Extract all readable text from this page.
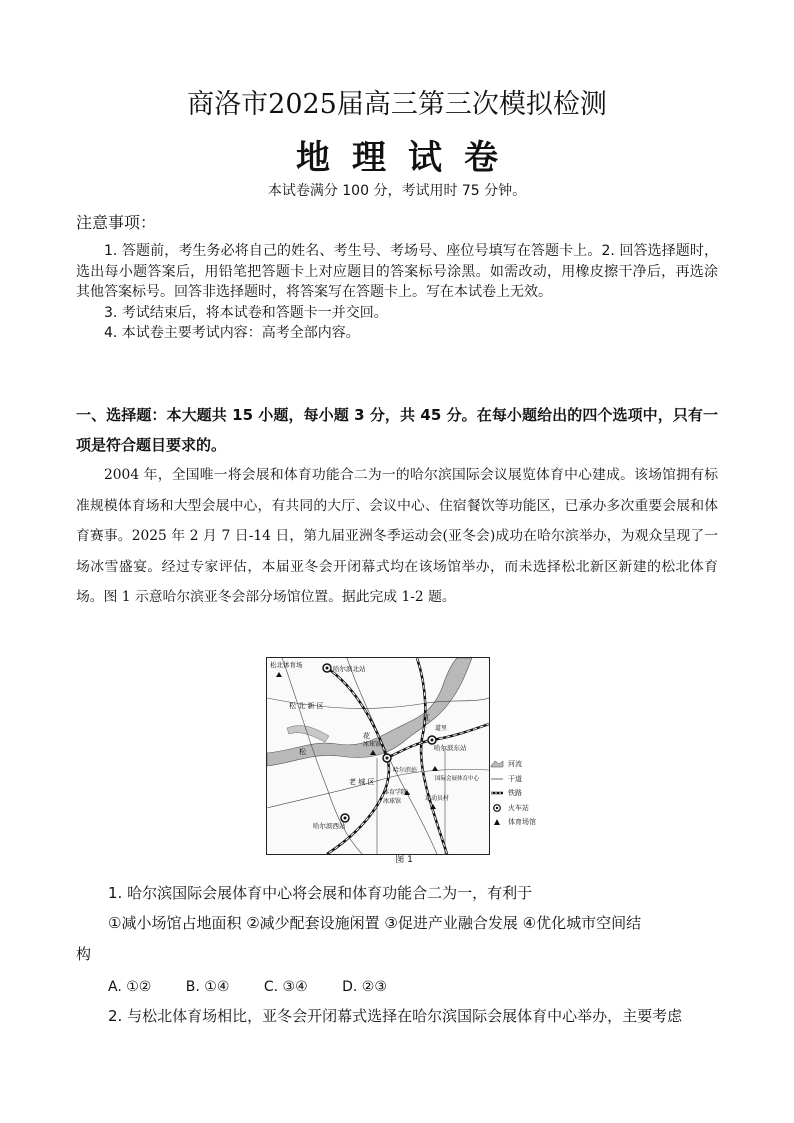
商洛市2025届高三第三次模拟检测
地理试卷
本试卷满分 100 分，考试用时 75 分钟。
注意事项：

1. 答题前，考生务必将自己的姓名、考生号、考场号、座位号填写在答题卡上。2. 回答选择题时，选出每小题答案后，用铅笔把答题卡上对应题目的答案标号涂黑。如需改动，用橡皮擦干净后，再选涂其他答案标号。回答非选择题时，将答案写在答题卡上。写在本试卷上无效。

3. 考试结束后，将本试卷和答题卡一并交回。

4. 本试卷主要考试内容：高考全部内容。

一、选择题：本大题共 15 小题，每小题 3 分，共 45 分。在每小题给出的四个选项中，只有一项是符合题目要求的。
2004 年，全国唯一将会展和体育功能合二为一的哈尔滨国际会议展览体育中心建成。该场馆拥有标准规模体育场和大型会展中心，有共同的大厅、会议中心、住宿餐饮等功能区，已承办多次重要会展和体育赛事。2025 年 2 月 7 日-14 日，第九届亚洲冬季运动会(亚冬会)成功在哈尔滨举办，为观众呈现了一场冰雪盛宴。经过专家评估，本届亚冬会开闭幕式均在该场馆举办，而未选择松北新区新建的松北体育场。图 1 示意哈尔滨亚冬会部分场馆位置。据此完成 1-2 题。
松北体育场	哈尔滨北站
松 北 新 区
江
道里
哈尔滨东站
松
花
冰球馆
哈尔滨站
国际会展体育中心
老 城 区
体育学院
冰球馆	运动员村
哈尔滨西站
河流
干道
铁路
火车站
体育场馆
图 1
1. 哈尔滨国际会展体育中心将会展和体育功能合二为一，有利于
①减小场馆占地面积 ②减少配套设施闲置 ③促进产业融合发展 ④优化城市空间结
构
A. ①② B. ①④ C. ③④ D. ②③
2. 与松北体育场相比，亚冬会开闭幕式选择在哈尔滨国际会展体育中心举办，主要考虑
